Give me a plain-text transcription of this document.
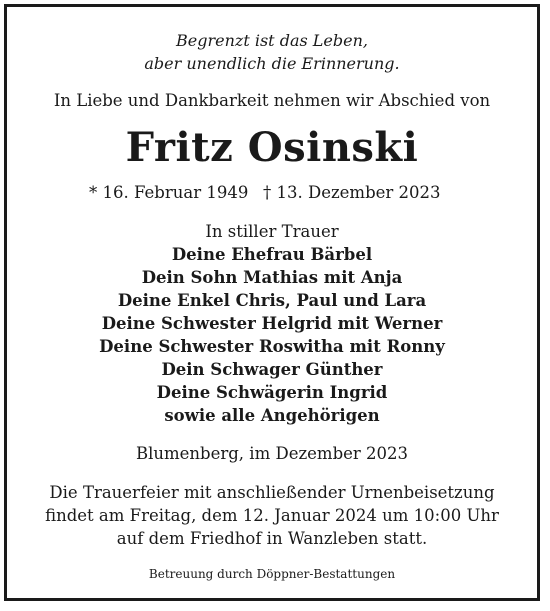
Begrenzt ist das Leben,
aber unendlich die Erinnerung.
In Liebe und Dankbarkeit nehmen wir Abschied von
Fritz Osinski
* 16. Februar 1949 † 13. Dezember 2023
In stiller Trauer
Deine Ehefrau Bärbel
Dein Sohn Mathias mit Anja
Deine Enkel Chris, Paul und Lara
Deine Schwester Helgrid mit Werner
Deine Schwester Roswitha mit Ronny
Dein Schwager Günther
Deine Schwägerin Ingrid
sowie alle Angehörigen
Blumenberg, im Dezember 2023
Die Trauerfeier mit anschließender Urnenbeisetzung
findet am Freitag, dem 12. Januar 2024 um 10:00 Uhr
auf dem Friedhof in Wanzleben statt.
Betreuung durch Döppner-Bestattungen
